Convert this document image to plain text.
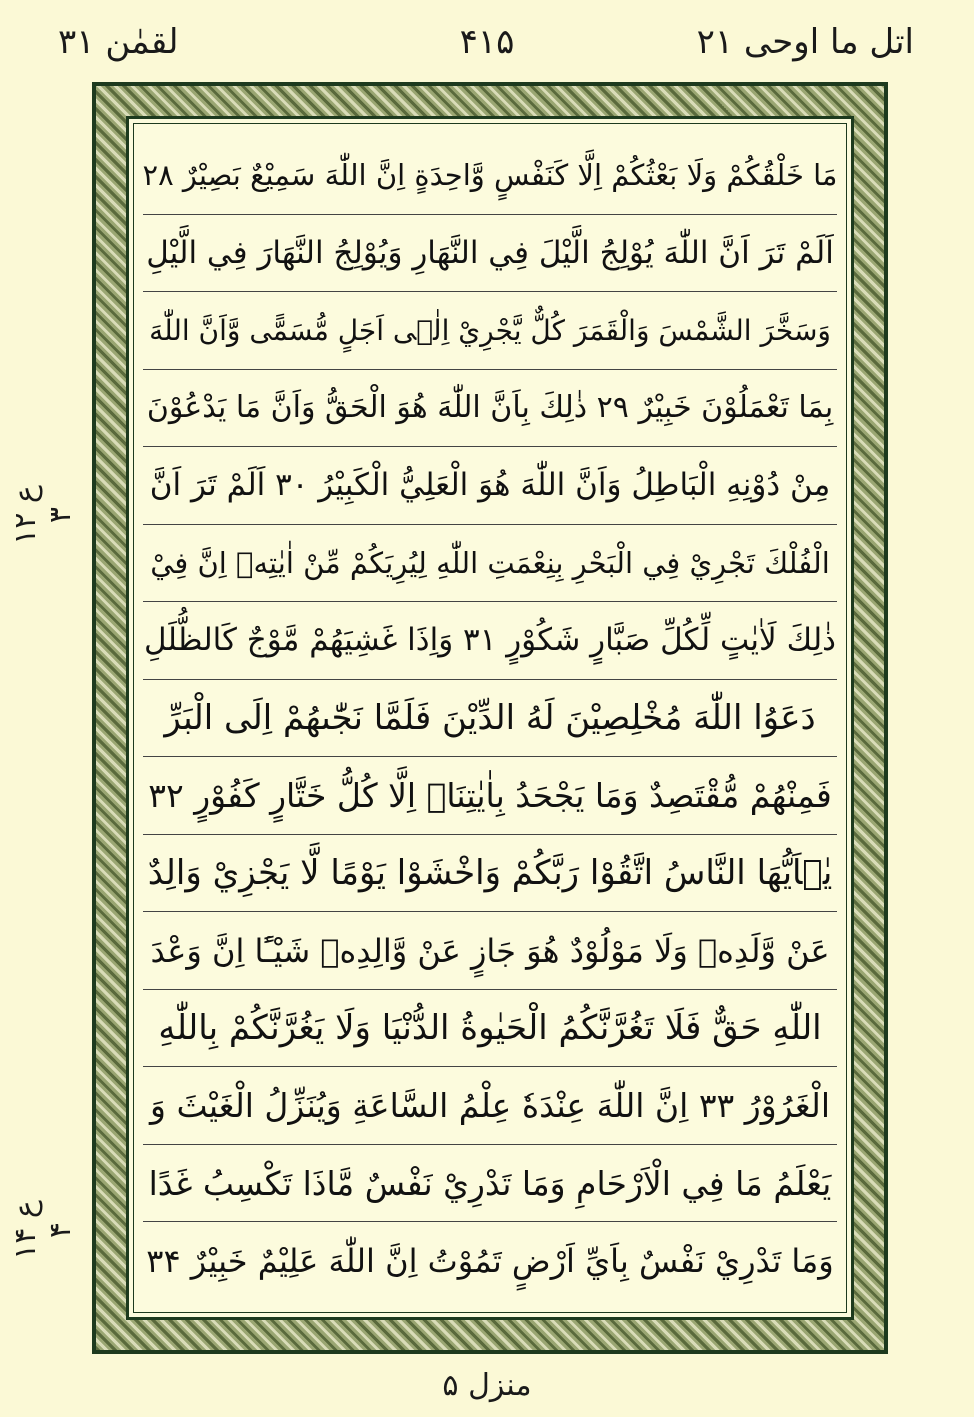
اتل ما اوحی ۲۱
۴۱۵
لقمٰن ۳۱
ع ۱۲ ۳
ع ۱۴ ۴
مَا خَلْقُكُمْ وَلَا بَعْثُكُمْ اِلَّا كَنَفْسٍ وَّاحِدَةٍ اِنَّ اللّٰهَ سَمِيْعٌ بَصِيْرٌ ۲۸
اَلَمْ تَرَ اَنَّ اللّٰهَ يُوْلِجُ الَّيْلَ فِي النَّهَارِ وَيُوْلِجُ النَّهَارَ فِي الَّيْلِ
وَسَخَّرَ الشَّمْسَ وَالْقَمَرَ كُلٌّ يَّجْرِيْ اِلٰۤى اَجَلٍ مُّسَمًّى وَّاَنَّ اللّٰهَ
بِمَا تَعْمَلُوْنَ خَبِيْرٌ ۲۹ ذٰلِكَ بِاَنَّ اللّٰهَ هُوَ الْحَقُّ وَاَنَّ مَا يَدْعُوْنَ
مِنْ دُوْنِهِ الْبَاطِلُ وَاَنَّ اللّٰهَ هُوَ الْعَلِيُّ الْكَبِيْرُ ۳۰ اَلَمْ تَرَ اَنَّ
الْفُلْكَ تَجْرِيْ فِي الْبَحْرِ بِنِعْمَتِ اللّٰهِ لِيُرِيَكُمْ مِّنْ اٰيٰتِهٖ اِنَّ فِيْ
ذٰلِكَ لَاٰيٰتٍ لِّكُلِّ صَبَّارٍ شَكُوْرٍ ۳۱ وَاِذَا غَشِيَهُمْ مَّوْجٌ كَالظُّلَلِ
دَعَوُا اللّٰهَ مُخْلِصِيْنَ لَهُ الدِّيْنَ فَلَمَّا نَجّٰىهُمْ اِلَى الْبَرِّ
فَمِنْهُمْ مُّقْتَصِدٌ وَمَا يَجْحَدُ بِاٰيٰتِنَاۤ اِلَّا كُلُّ خَتَّارٍ كَفُوْرٍ ۳۲
يٰۤاَيُّهَا النَّاسُ اتَّقُوْا رَبَّكُمْ وَاخْشَوْا يَوْمًا لَّا يَجْزِيْ وَالِدٌ
عَنْ وَّلَدِهٖ وَلَا مَوْلُوْدٌ هُوَ جَازٍ عَنْ وَّالِدِهٖ شَيْـًٔا اِنَّ وَعْدَ
اللّٰهِ حَقٌّ فَلَا تَغُرَّنَّكُمُ الْحَيٰوةُ الدُّنْيَا وَلَا يَغُرَّنَّكُمْ بِاللّٰهِ
الْغَرُوْرُ ۳۳ اِنَّ اللّٰهَ عِنْدَهٗ عِلْمُ السَّاعَةِ وَيُنَزِّلُ الْغَيْثَ وَ
يَعْلَمُ مَا فِي الْاَرْحَامِ وَمَا تَدْرِيْ نَفْسٌ مَّاذَا تَكْسِبُ غَدًا
وَمَا تَدْرِيْ نَفْسٌ بِاَيِّ اَرْضٍ تَمُوْتُ اِنَّ اللّٰهَ عَلِيْمٌ خَبِيْرٌ ۳۴
منزل ۵
